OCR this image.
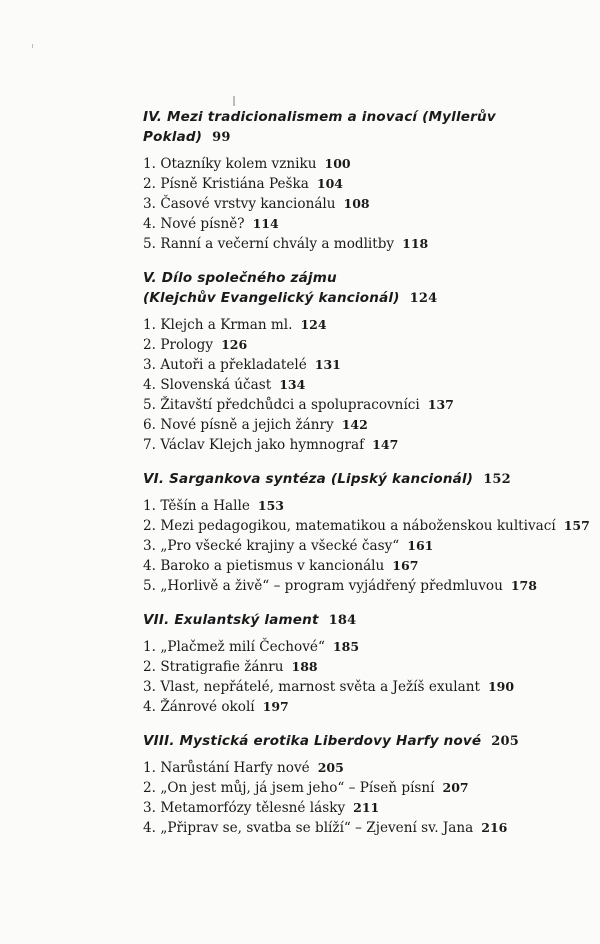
IV. Mezi tradicionalismem a inovací (Myllerův Poklad) 99
1. Otazníky kolem vzniku 100
2. Písně Kristiána Peška 104
3. Časové vrstvy kancionálu 108
4. Nové písně? 114
5. Ranní a večerní chvály a modlitby 118
V. Dílo společného zájmu
(Klejchův Evangelický kancionál) 124
1. Klejch a Krman ml. 124
2. Prology 126
3. Autoři a překladatelé 131
4. Slovenská účast 134
5. Žitavští předchůdci a spolupracovníci 137
6. Nové písně a jejich žánry 142
7. Václav Klejch jako hymnograf 147
VI. Sargankova syntéza (Lipský kancionál) 152
1. Těšín a Halle 153
2. Mezi pedagogikou, matematikou a náboženskou kultivací 157
3. „Pro všecké krajiny a všecké časy“ 161
4. Baroko a pietismus v kancionálu 167
5. „Horlivě a živě“ – program vyjádřený předmluvou 178
VII. Exulantský lament 184
1. „Plačmež milí Čechové“ 185
2. Stratigrafie žánru 188
3. Vlast, nepřátelé, marnost světa a Ježíš exulant 190
4. Žánrové okolí 197
VIII. Mystická erotika Liberdovy Harfy nové 205
1. Narůstání Harfy nové 205
2. „On jest můj, já jsem jeho“ – Píseň písní 207
3. Metamorfózy tělesné lásky 211
4. „Připrav se, svatba se blíží“ – Zjevení sv. Jana 216
